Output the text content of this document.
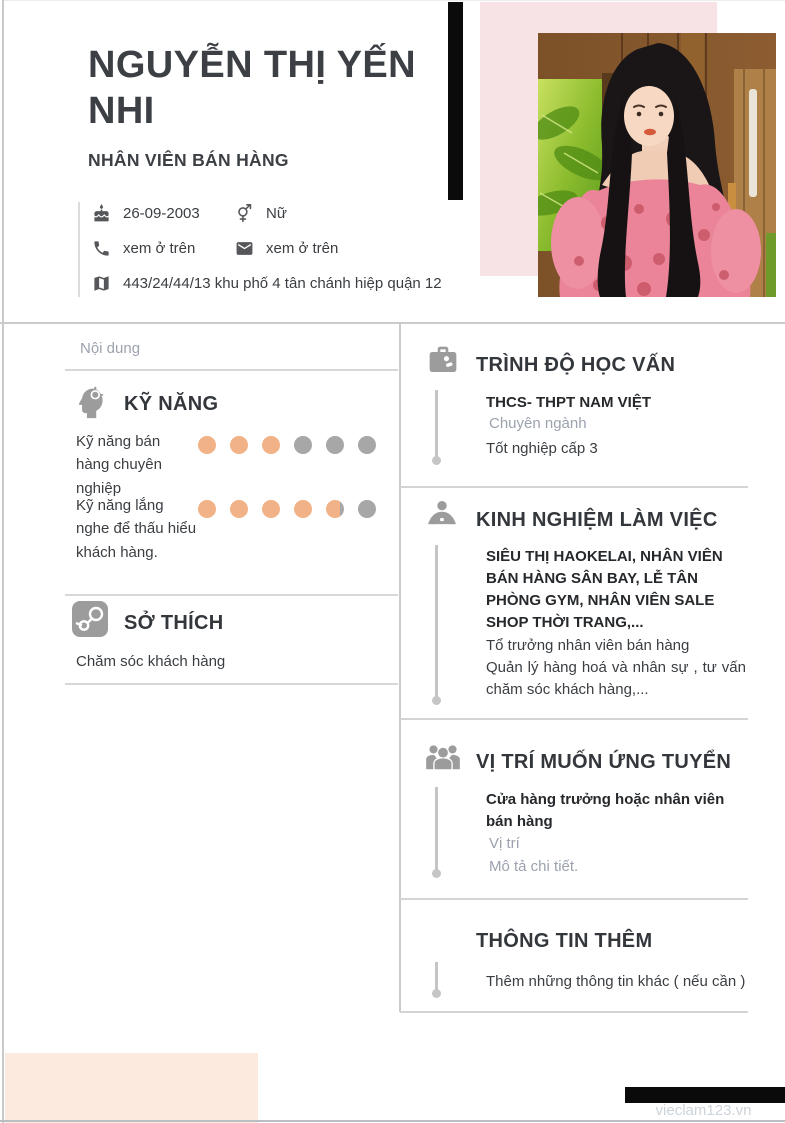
NGUYỄN THỊ YẾN NHI
NHÂN VIÊN BÁN HÀNG
26-09-2003	Nữ
xem ở trên	xem ở trên
443/24/44/13 khu phố 4 tân chánh hiệp quận 12
Nội dung
KỸ NĂNG
Kỹ năng bán hàng chuyên nghiệp
Kỹ năng lắng nghe để thấu hiểu khách hàng.
SỞ THÍCH
Chăm sóc khách hàng
TRÌNH ĐỘ HỌC VẤN
THCS- THPT NAM VIỆT
Chuyên ngành
Tốt nghiệp cấp 3
KINH NGHIỆM LÀM VIỆC
SIÊU THỊ HAOKELAI, NHÂN VIÊN BÁN HÀNG SÂN BAY, LỄ TÂN PHÒNG GYM, NHÂN VIÊN SALE SHOP THỜI TRANG,...
Tổ trưởng nhân viên bán hàng
Quản lý hàng hoá và nhân sự , tư vấn chăm sóc khách hàng,...
VỊ TRÍ MUỐN ỨNG TUYỂN
Cửa hàng trưởng hoặc nhân viên bán hàng
Vị trí
Mô tả chi tiết.
THÔNG TIN THÊM
Thêm những thông tin khác ( nếu cần )
vieclam123.vn
